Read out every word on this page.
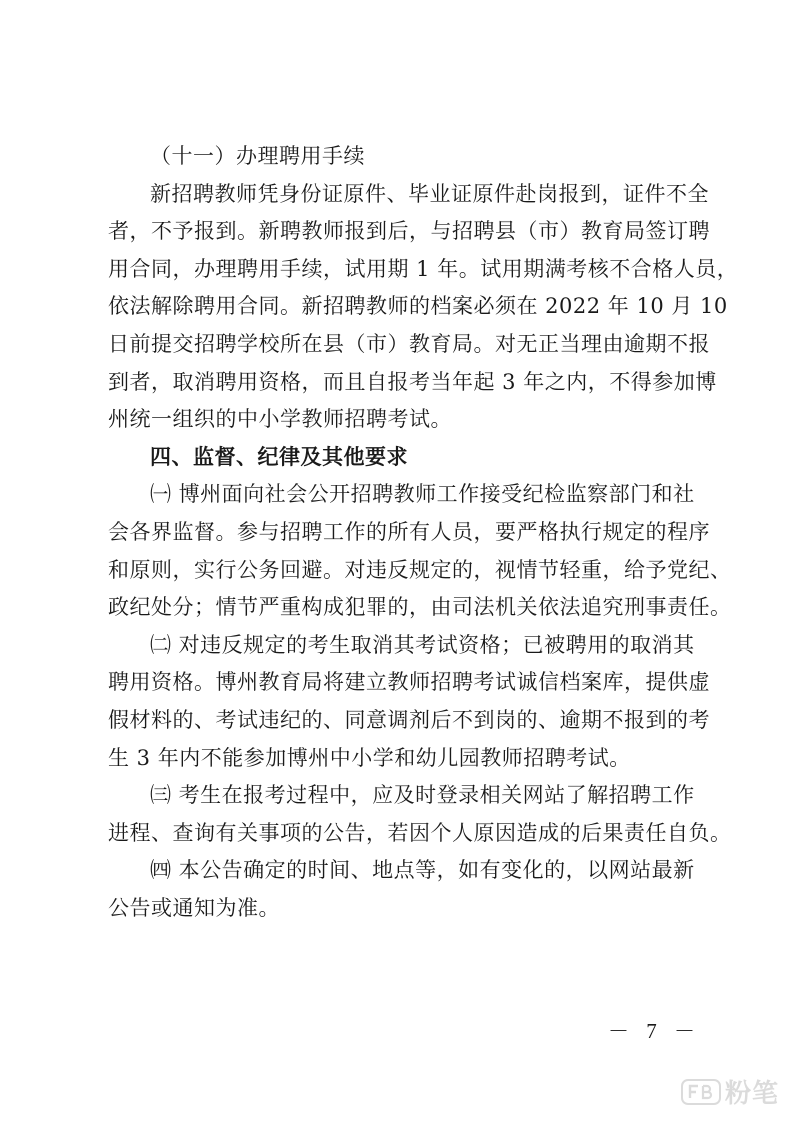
（十一）办理聘用手续
新招聘教师凭身份证原件、毕业证原件赴岗报到，证件不全
者，不予报到。新聘教师报到后，与招聘县（市）教育局签订聘
用合同，办理聘用手续，试用期 1 年。试用期满考核不合格人员，
依法解除聘用合同。新招聘教师的档案必须在 2022 年 10 月 10
日前提交招聘学校所在县（市）教育局。对无正当理由逾期不报
到者，取消聘用资格，而且自报考当年起 3 年之内，不得参加博
州统一组织的中小学教师招聘考试。
四、监督、纪律及其他要求
㈠ 博州面向社会公开招聘教师工作接受纪检监察部门和社
会各界监督。参与招聘工作的所有人员，要严格执行规定的程序
和原则，实行公务回避。对违反规定的，视情节轻重，给予党纪、
政纪处分；情节严重构成犯罪的，由司法机关依法追究刑事责任。
㈡ 对违反规定的考生取消其考试资格；已被聘用的取消其
聘用资格。博州教育局将建立教师招聘考试诚信档案库，提供虚
假材料的、考试违纪的、同意调剂后不到岗的、逾期不报到的考
生 3 年内不能参加博州中小学和幼儿园教师招聘考试。
㈢ 考生在报考过程中，应及时登录相关网站了解招聘工作
进程、查询有关事项的公告，若因个人原因造成的后果责任自负。
㈣ 本公告确定的时间、地点等，如有变化的，以网站最新
公告或通知为准。
－ 7 －
粉笔
